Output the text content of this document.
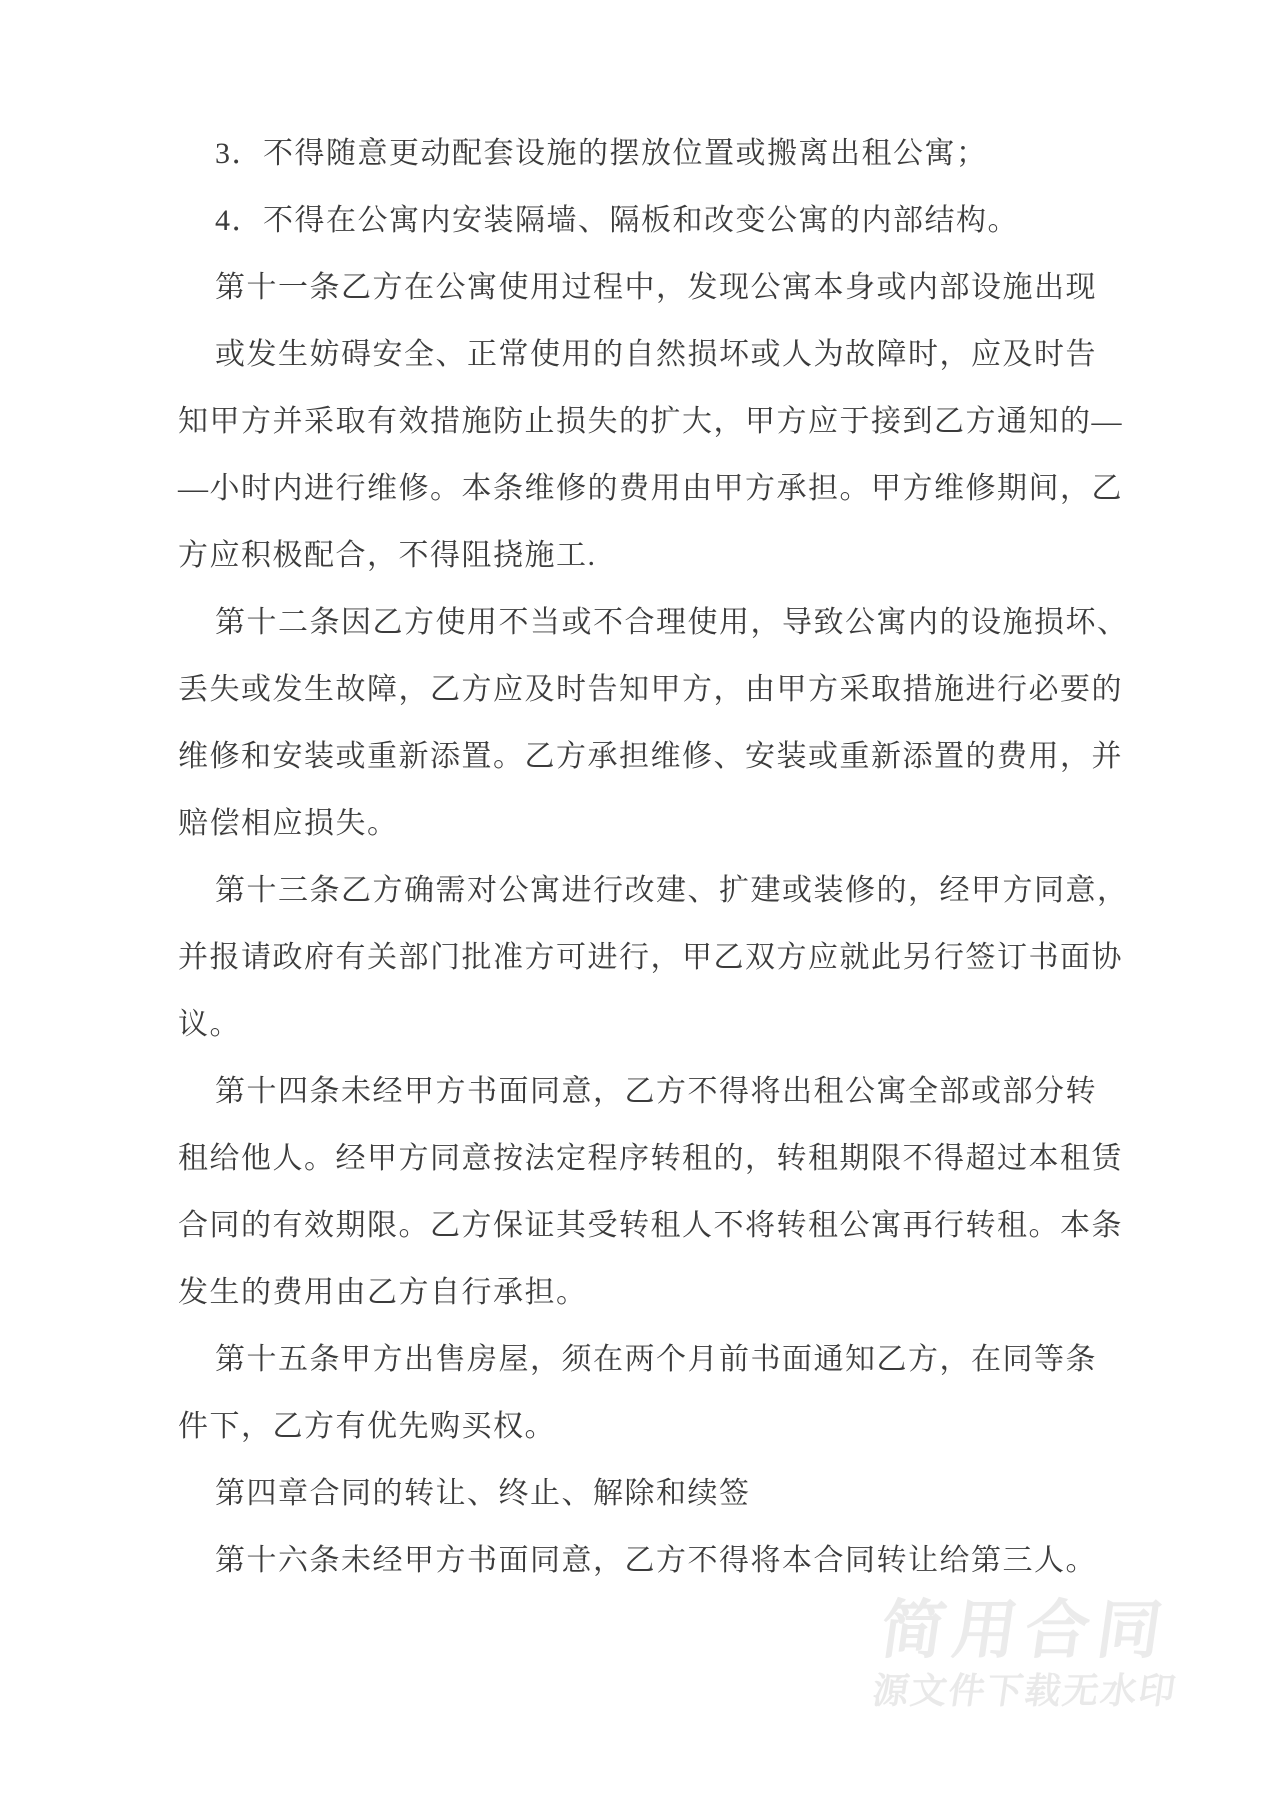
3．不得随意更动配套设施的摆放位置或搬离出租公寓；
4．不得在公寓内安装隔墙、隔板和改变公寓的内部结构。
第十一条乙方在公寓使用过程中，发现公寓本身或内部设施出现
或发生妨碍安全、正常使用的自然损坏或人为故障时，应及时告
知甲方并采取有效措施防止损失的扩大，甲方应于接到乙方通知的—
—小时内进行维修。本条维修的费用由甲方承担。甲方维修期间，乙
方应积极配合，不得阻挠施工.
第十二条因乙方使用不当或不合理使用，导致公寓内的设施损坏、
丢失或发生故障，乙方应及时告知甲方，由甲方采取措施进行必要的
维修和安装或重新添置。乙方承担维修、安装或重新添置的费用，并
赔偿相应损失。
第十三条乙方确需对公寓进行改建、扩建或装修的，经甲方同意，
并报请政府有关部门批准方可进行，甲乙双方应就此另行签订书面协
议。
第十四条未经甲方书面同意，乙方不得将出租公寓全部或部分转
租给他人。经甲方同意按法定程序转租的，转租期限不得超过本租赁
合同的有效期限。乙方保证其受转租人不将转租公寓再行转租。本条
发生的费用由乙方自行承担。
第十五条甲方出售房屋，须在两个月前书面通知乙方，在同等条
件下，乙方有优先购买权。
第四章合同的转让、终止、解除和续签
第十六条未经甲方书面同意，乙方不得将本合同转让给第三人。
简用合同
源文件下载无水印
